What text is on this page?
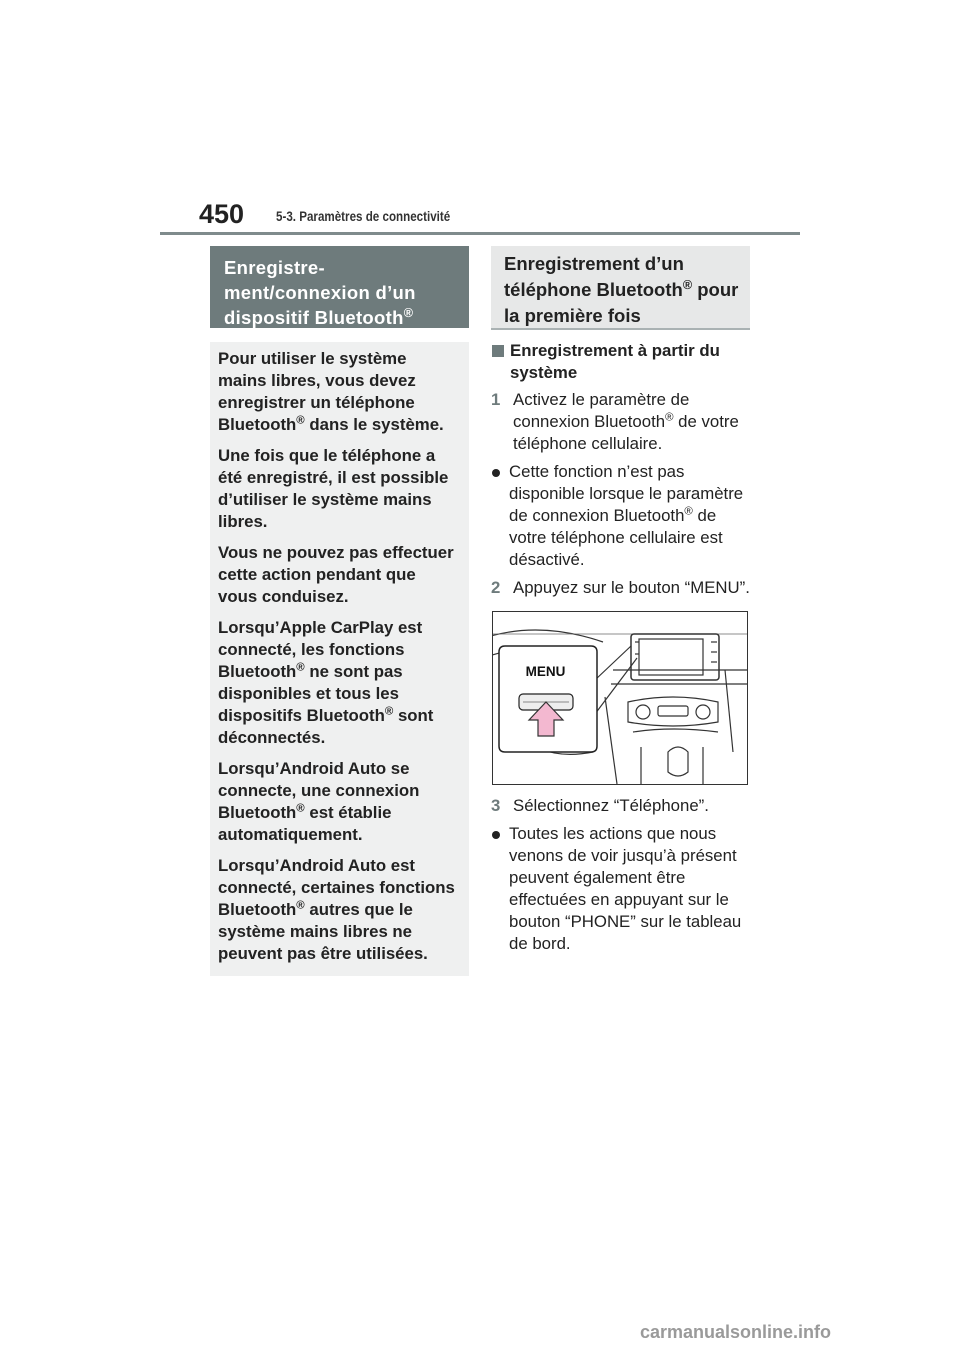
450 5-3. Paramètres de connectivité
Enregistre-
ment/connexion d’un
dispositif Bluetooth®
Pour utiliser le système mains libres, vous devez enregistrer un téléphone Bluetooth® dans le système.
Une fois que le téléphone a été enregistré, il est possible d’utiliser le système mains libres.
Vous ne pouvez pas effectuer cette action pendant que vous conduisez.
Lorsqu’Apple CarPlay est connecté, les fonctions Bluetooth® ne sont pas disponibles et tous les dispositifs Bluetooth® sont déconnectés.
Lorsqu’Android Auto se connecte, une connexion Bluetooth® est établie automatiquement.
Lorsqu’Android Auto est connecté, certaines fonctions Bluetooth® autres que le système mains libres ne peuvent pas être utilisées.
Enregistrement d’un téléphone Bluetooth® pour la première fois
Enregistrement à partir du système
1 Activez le paramètre de connexion Bluetooth® de votre téléphone cellulaire.
Cette fonction n’est pas disponible lorsque le paramètre de connexion Bluetooth® de votre téléphone cellulaire est désactivé.
2 Appuyez sur le bouton “MENU”.
MENU
3 Sélectionnez “Téléphone”.
Toutes les actions que nous venons de voir jusqu’à présent peuvent également être effectuées en appuyant sur le bouton “PHONE” sur le tableau de bord.
carmanualsonline.info
